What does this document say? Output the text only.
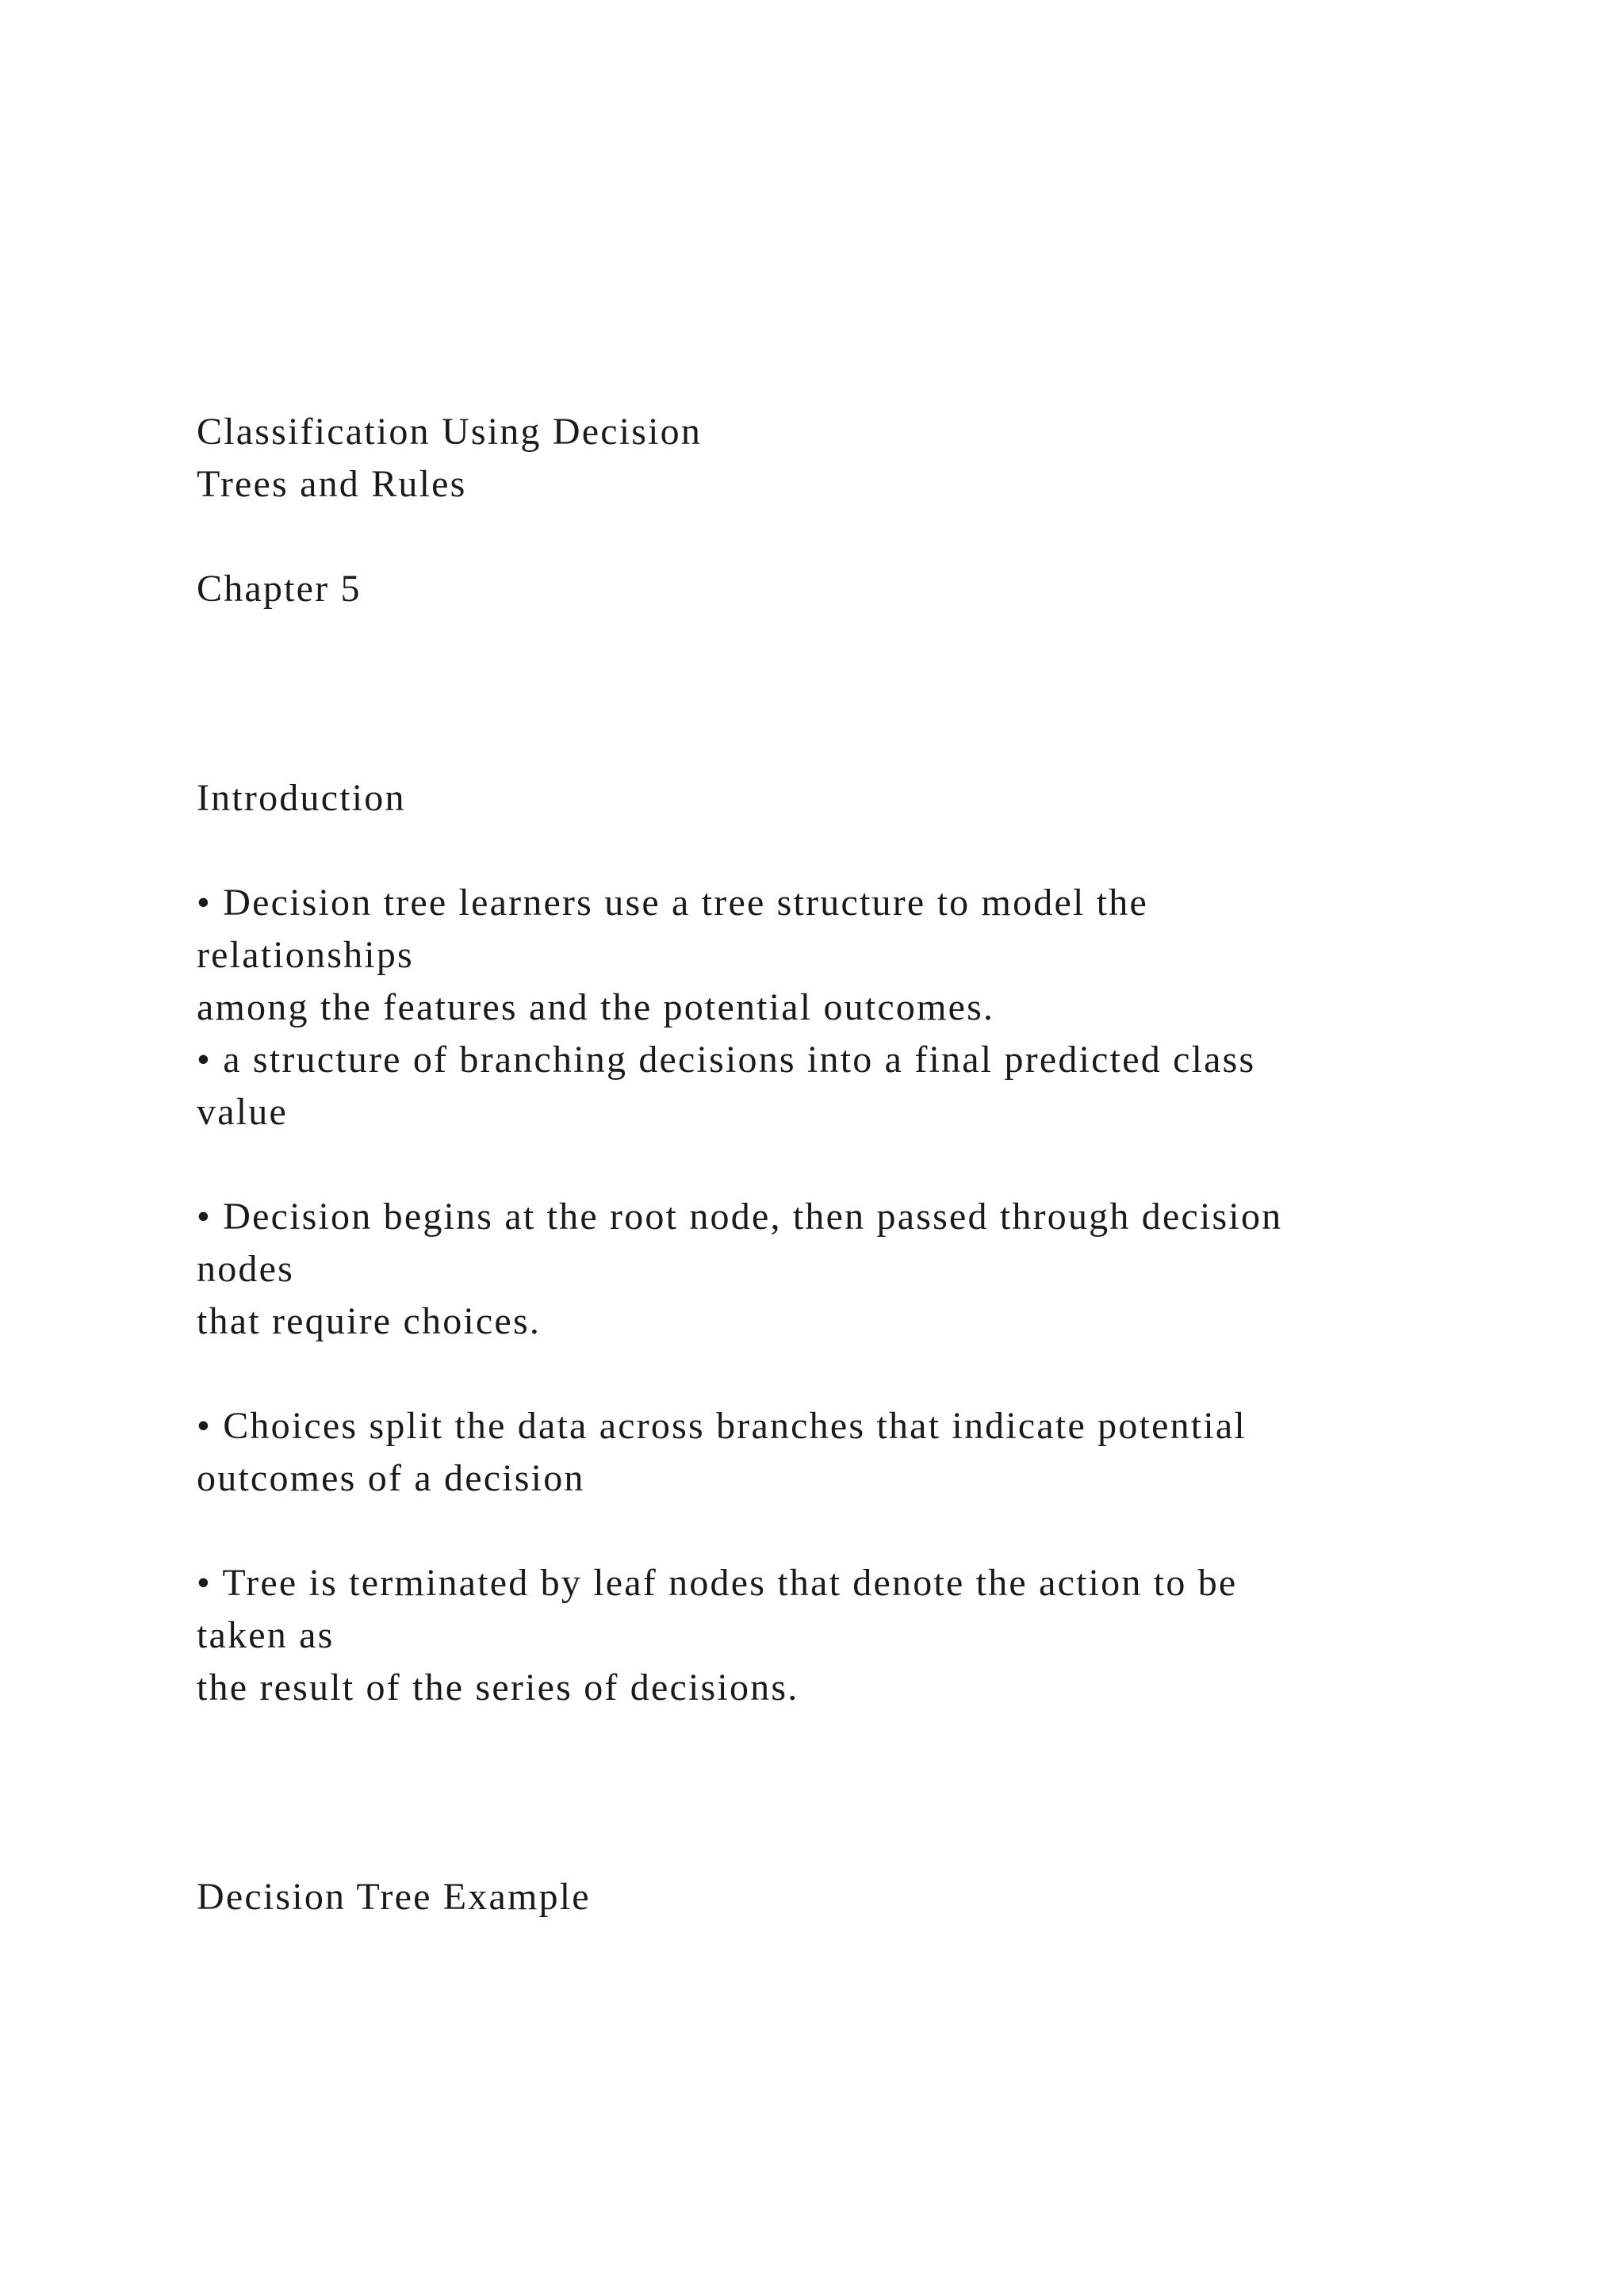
Classification Using Decision

Trees and Rules

Chapter 5

Introduction

• Decision tree learners use a tree structure to model the

relationships

among the features and the potential outcomes.

• a structure of branching decisions into a final predicted class

value

• Decision begins at the root node, then passed through decision

nodes

that require choices.

• Choices split the data across branches that indicate potential

outcomes of a decision

• Tree is terminated by leaf nodes that denote the action to be

taken as

the result of the series of decisions.

Decision Tree Example
